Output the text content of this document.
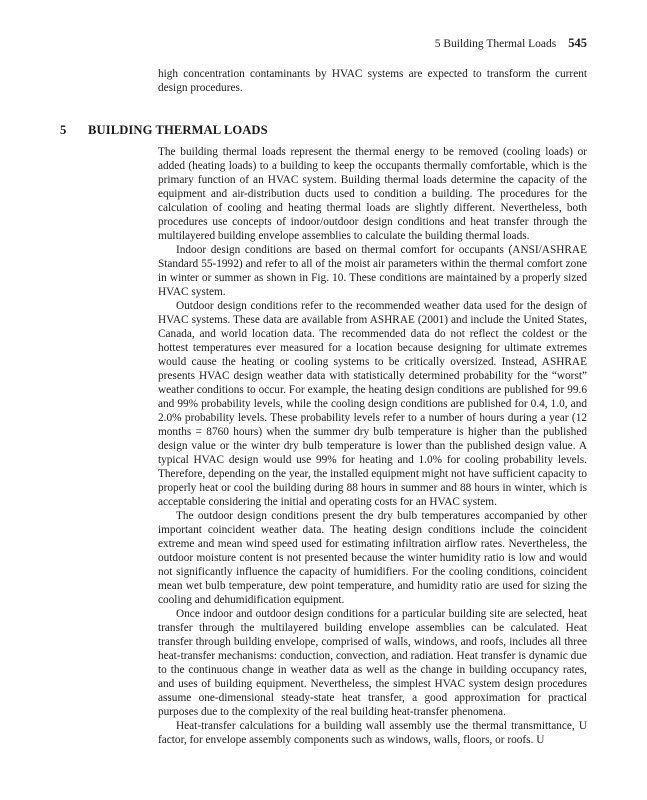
5 Building Thermal Loads 545

high concentration contaminants by HVAC systems are expected to transform the current design procedures.

5 BUILDING THERMAL LOADS

The building thermal loads represent the thermal energy to be removed (cooling loads) or added (heating loads) to a building to keep the occupants thermally comfortable, which is the primary function of an HVAC system. Building thermal loads determine the capacity of the equipment and air-distribution ducts used to condition a building. The procedures for the calculation of cooling and heating thermal loads are slightly different. Nevertheless, both procedures use concepts of indoor/outdoor design conditions and heat transfer through the multilayered building envelope assemblies to calculate the building thermal loads.

Indoor design conditions are based on thermal comfort for occupants (ANSI/ASHRAE Standard 55-1992) and refer to all of the moist air parameters within the thermal comfort zone in winter or summer as shown in Fig. 10. These conditions are maintained by a properly sized HVAC system.

Outdoor design conditions refer to the recommended weather data used for the design of HVAC systems. These data are available from ASHRAE (2001) and include the United States, Canada, and world location data. The recommended data do not reflect the coldest or the hottest temperatures ever measured for a location because designing for ultimate extremes would cause the heating or cooling systems to be critically oversized. Instead, ASHRAE presents HVAC design weather data with statistically determined probability for the “worst” weather conditions to occur. For example, the heating design conditions are published for 99.6 and 99% probability levels, while the cooling design conditions are published for 0.4, 1.0, and 2.0% probability levels. These probability levels refer to a number of hours during a year (12 months = 8760 hours) when the summer dry bulb temperature is higher than the published design value or the winter dry bulb temperature is lower than the published design value. A typical HVAC design would use 99% for heating and 1.0% for cooling probability levels. Therefore, depending on the year, the installed equipment might not have sufficient capacity to properly heat or cool the building during 88 hours in summer and 88 hours in winter, which is acceptable considering the initial and operating costs for an HVAC system.

The outdoor design conditions present the dry bulb temperatures accompanied by other important coincident weather data. The heating design conditions include the coincident extreme and mean wind speed used for estimating infiltration airflow rates. Nevertheless, the outdoor moisture content is not presented because the winter humidity ratio is low and would not significantly influence the capacity of humidifiers. For the cooling conditions, coincident mean wet bulb temperature, dew point temperature, and humidity ratio are used for sizing the cooling and dehumidification equipment.

Once indoor and outdoor design conditions for a particular building site are selected, heat transfer through the multilayered building envelope assemblies can be calculated. Heat transfer through building envelope, comprised of walls, windows, and roofs, includes all three heat-transfer mechanisms: conduction, convection, and radiation. Heat transfer is dynamic due to the continuous change in weather data as well as the change in building occupancy rates, and uses of building equipment. Nevertheless, the simplest HVAC system design procedures assume one-dimensional steady-state heat transfer, a good approximation for practical purposes due to the complexity of the real building heat-transfer phenomena.

Heat-transfer calculations for a building wall assembly use the thermal transmittance, U factor, for envelope assembly components such as windows, walls, floors, or roofs. U
